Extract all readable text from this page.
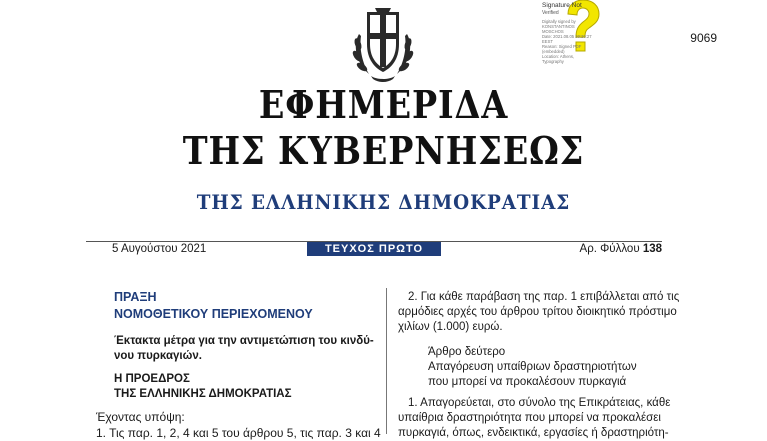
Signature Not
Verified
Digitally signed by
KONSTANTINOS
MOSCHOS
Date: 2021.08.05 20:20:27
EEST
Reason: Signed PDF
(embedded)
Location: Athens,
Typography
9069
ΕΦΗΜΕΡΙΔΑ
ΤΗΣ ΚΥΒΕΡΝΗΣΕΩΣ
ΤΗΣ ΕΛΛΗΝΙΚΗΣ ΔΗΜΟΚΡΑΤΙΑΣ
5 Αυγούστου 2021	ΤΕΥΧΟΣ ΠΡΩΤΟ	Αρ. Φύλλου 138
ΠΡΑΞΗ
ΝΟΜΟΘΕΤΙΚΟΥ ΠΕΡΙΕΧΟΜΕΝΟΥ
Έκτακτα μέτρα για την αντιμετώπιση του κινδύ-
νου πυρκαγιών.
Η ΠΡΟΕΔΡΟΣ
ΤΗΣ ΕΛΛΗΝΙΚΗΣ ΔΗΜΟΚΡΑΤΙΑΣ
Έχοντας υπόψη:
1. Τις παρ. 1, 2, 4 και 5 του άρθρου 5, τις παρ. 3 και 4
2. Για κάθε παράβαση της παρ. 1 επιβάλλεται από τις
αρμόδιες αρχές του άρθρου τρίτου διοικητικό πρόστιμο
χιλίων (1.000) ευρώ.
Άρθρο δεύτερο
Απαγόρευση υπαίθριων δραστηριοτήτων
που μπορεί να προκαλέσουν πυρκαγιά
1. Απαγορεύεται, στο σύνολο της Επικράτειας, κάθε
υπαίθρια δραστηριότητα που μπορεί να προκαλέσει
πυρκαγιά, όπως, ενδεικτικά, εργασίες ή δραστηριότη-
